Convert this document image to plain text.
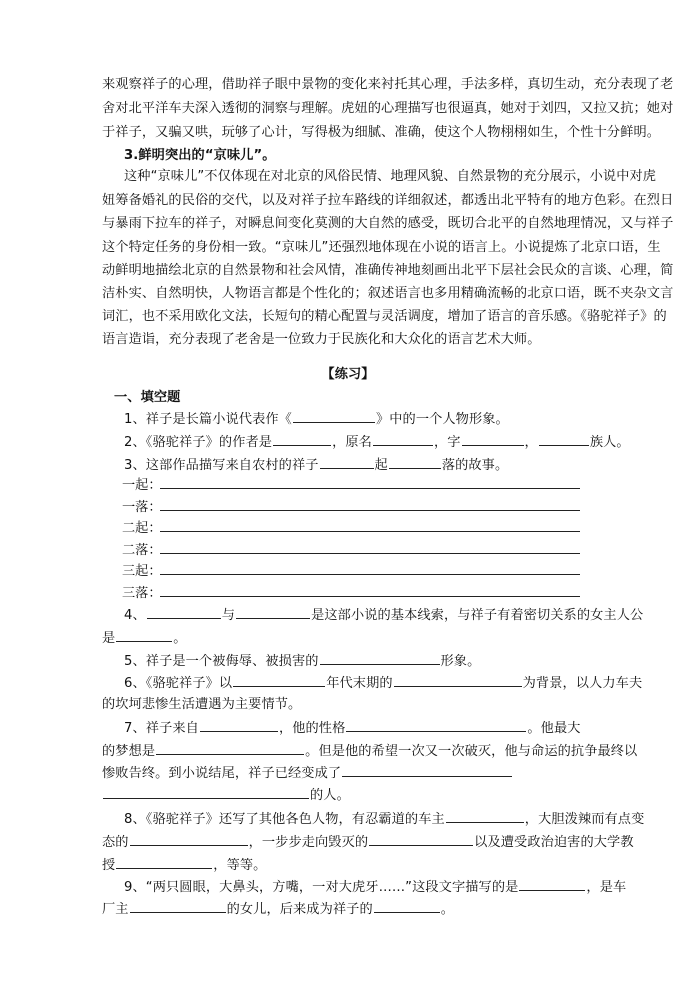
来观察祥子的心理，借助祥子眼中景物的变化来衬托其心理，手法多样，真切生动，充分表现了老
舍对北平洋车夫深入透彻的洞察与理解。虎妞的心理描写也很逼真，她对于刘四，又拉又抗；她对
于祥子，又骗又哄，玩够了心计，写得极为细腻、准确，使这个人物栩栩如生，个性十分鲜明。
3.鲜明突出的“京味儿”。
这种“京味儿”不仅体现在对北京的风俗民情、地理风貌、自然景物的充分展示，小说中对虎
妞筹备婚礼的民俗的交代，以及对祥子拉车路线的详细叙述，都透出北平特有的地方色彩。在烈日
与暴雨下拉车的祥子，对瞬息间变化莫测的大自然的感受，既切合北平的自然地理情况，又与祥子
这个特定任务的身份相一致。“京味儿”还强烈地体现在小说的语言上。小说提炼了北京口语，生
动鲜明地描绘北京的自然景物和社会风情，准确传神地刻画出北平下层社会民众的言谈、心理，简
洁朴实、自然明快，人物语言都是个性化的；叙述语言也多用精确流畅的北京口语，既不夹杂文言
词汇，也不采用欧化文法，长短句的精心配置与灵活调度，增加了语言的音乐感。《骆驼祥子》的
语言造诣，充分表现了老舍是一位致力于民族化和大众化的语言艺术大师。
【练习】
一、填空题
1、祥子是长篇小说代表作《	》中的一个人物形象。
2、《骆驼祥子》的作者是	，原名	，字	，	族人。
3、这部作品描写来自农村的祥子	起	落的故事。
一起：
一落：
二起：
二落：
三起：
三落：
4、	与	是这部小说的基本线索，与祥子有着密切关系的女主人公
是	。
5、祥子是一个被侮辱、被损害的	形象。
6、《骆驼祥子》以	年代末期的	为背景，以人力车夫
的坎坷悲惨生活遭遇为主要情节。
7、祥子来自	，他的性格	。他最大
的梦想是	。但是他的希望一次又一次破灭，他与命运的抗争最终以
惨败告终。到小说结尾，祥子已经变成了
的人。
8、《骆驼祥子》还写了其他各色人物，有忍霸道的车主	，大胆泼辣而有点变
态的	，一步步走向毁灭的	以及遭受政治迫害的大学教
授	，等等。
9、“两只圆眼，大鼻头，方嘴，一对大虎牙……”这段文字描写的是	，是车
厂主	的女儿，后来成为祥子的	。
